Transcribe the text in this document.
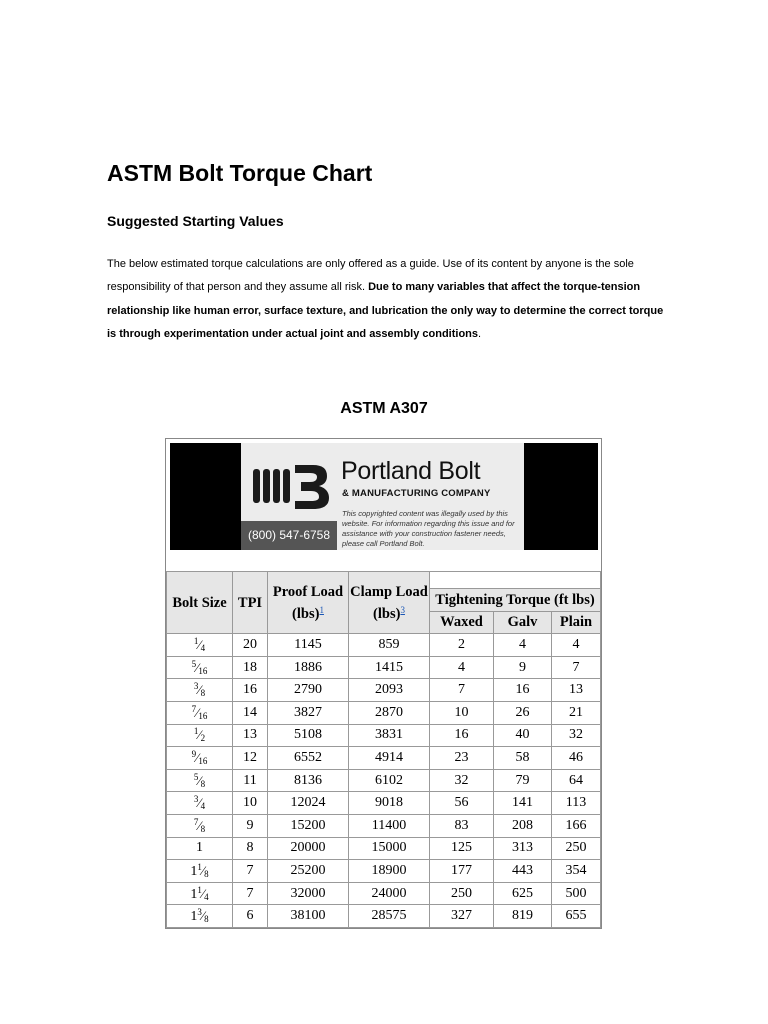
ASTM Bolt Torque Chart
Suggested Starting Values

The below estimated torque calculations are only offered as a guide. Use of its content by anyone is the sole responsibility of that person and they assume all risk. Due to many variables that affect the torque-tension relationship like human error, surface texture, and lubrication the only way to determine the correct torque is through experimentation under actual joint and assembly conditions.

ASTM A307
Portland Bolt
& MANUFACTURING COMPANY
(800) 547-6758
This copyrighted content was illegally used by this website. For information regarding this issue and for assistance with your construction fastener needs, please call Portland Bolt.
Bolt Size	TPI	Proof Load (lbs)$^1$	Clamp Load (lbs)$^3$	
				Tightening Torque (ft lbs)		
				Waxed	Galv	Plain
$^1⁄_4$	20	1145	859	2	4	4
$^5⁄_{16}$	18	1886	1415	4	9	7
$^3⁄_8$	16	2790	2093	7	16	13
$^7⁄_{16}$	14	3827	2870	10	26	21
$^1⁄_2$	13	5108	3831	16	40	32
$^9⁄_{16}$	12	6552	4914	23	58	46
$^5⁄_8$	11	8136	6102	32	79	64
$^3⁄_4$	10	12024	9018	56	141	113
$^7⁄_8$	9	15200	11400	83	208	166
1	8	20000	15000	125	313	250
$1^1⁄_8$	7	25200	18900	177	443	354
$1^1⁄_4$	7	32000	24000	250	625	500
$1^3⁄_8$	6	38100	28575	327	819	655
